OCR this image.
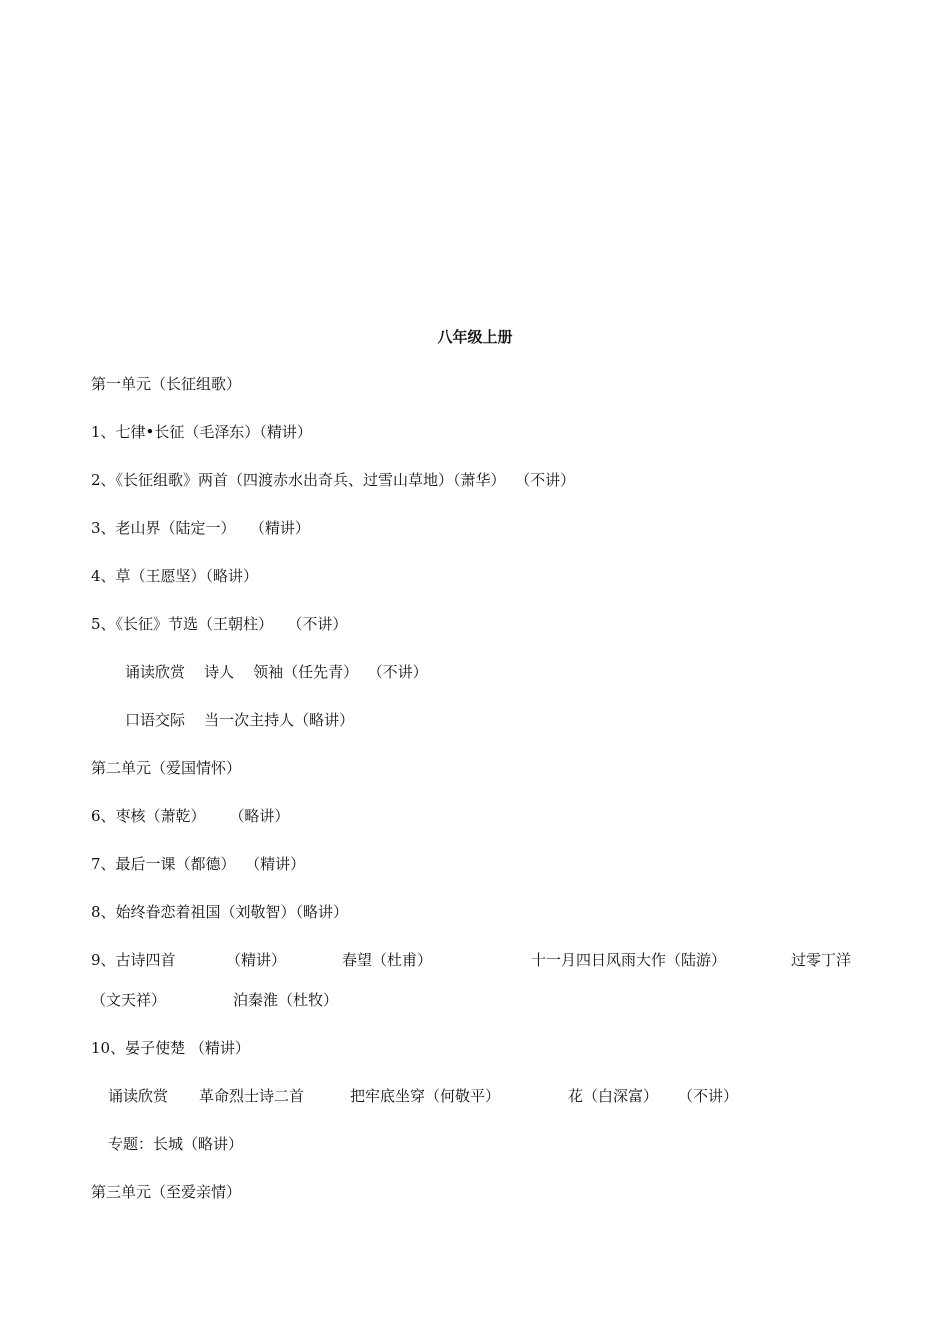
八年级上册
第一单元（长征组歌）
1、七律•长征（毛泽东）（精讲）
2、《长征组歌》两首（四渡赤水出奇兵、过雪山草地）（萧华）  （不讲）
3、老山界（陆定一）   （精讲）
4、草（王愿坚）（略讲）
5、《长征》节选（王朝柱）   （不讲）
诵读欣赏    诗人    领袖（任先青）  （不讲）
口语交际    当一次主持人（略讲）
第二单元（爱国情怀）
6、枣核（萧乾）     （略讲）
7、最后一课（都德）  （精讲）
8、始终眷恋着祖国（刘敬智）（略讲）
9、古诗四首	（精讲）	春望（杜甫）	十一月四日风雨大作（陆游）	过零丁洋
（文天祥）	泊秦淮（杜牧）
10、晏子使楚 （精讲）
诵读欣赏 革命烈士诗二首	把牢底坐穿（何敬平）	花（白深富） （不讲）
专题：长城（略讲）
第三单元（至爱亲情）
